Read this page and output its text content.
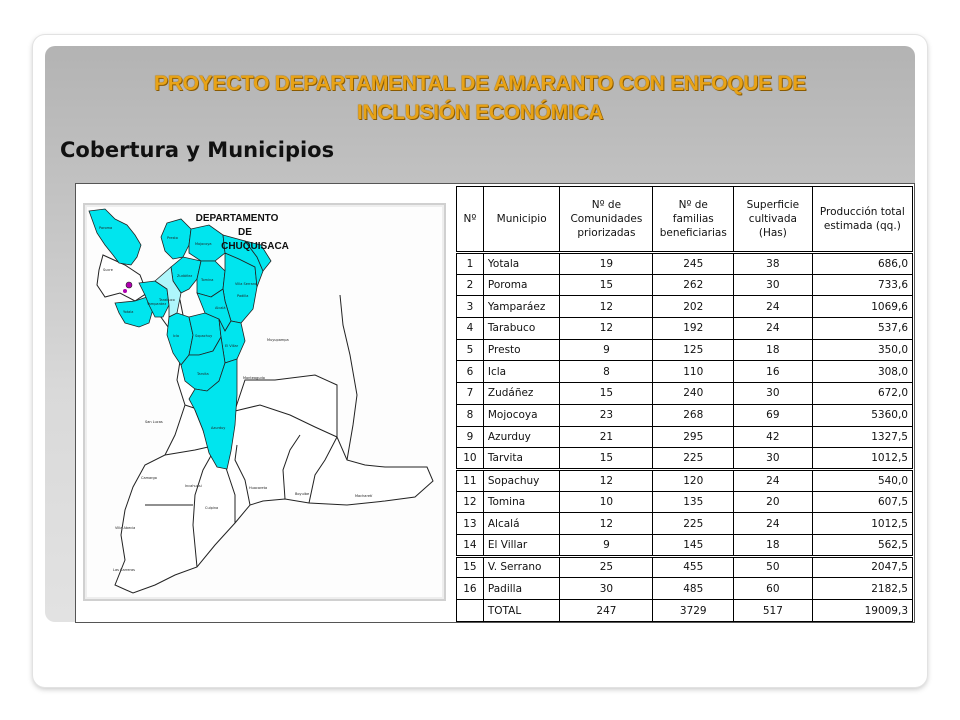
PROYECTO DEPARTAMENTAL DE AMARANTO CON ENFOQUE DE
INCLUSIÓN ECONÓMICA
Cobertura y Municipios
Poroma
Sucre
Yotala
Yamparáez
Presto
Mojocoya
Zudáñez
Tarabuco
Tomina
Icla	Sopachuy
Alcalá
Padilla
El Villar
Tarvita
Azurduy
Villa Serrano
Monteagudo
San Lucas
Camargo
Incahuasi
Culpina
Huacareta
Muyupampa
Macharetí
Villa Abecia
Las Carreras
Boyuibe
DEPARTAMENTO
DE
CHUQUISACA
Nº	Municipio	Nº de Comunidades priorizadas	Nº de familias beneficiarias	Superficie cultivada (Has)	Producción total estimada (qq.)
1	Yotala	19	245	38	686,0
2	Poroma	15	262	30	733,6
3	Yamparáez	12	202	24	1069,6
4	Tarabuco	12	192	24	537,6
5	Presto	9	125	18	350,0
6	Icla	8	110	16	308,0
7	Zudáñez	15	240	30	672,0
8	Mojocoya	23	268	69	5360,0
9	Azurduy	21	295	42	1327,5
10	Tarvita	15	225	30	1012,5
11	Sopachuy	12	120	24	540,0
12	Tomina	10	135	20	607,5
13	Alcalá	12	225	24	1012,5
14	El Villar	9	145	18	562,5
15	V. Serrano	25	455	50	2047,5
16	Padilla	30	485	60	2182,5
	TOTAL	247	3729	517	19009,3
